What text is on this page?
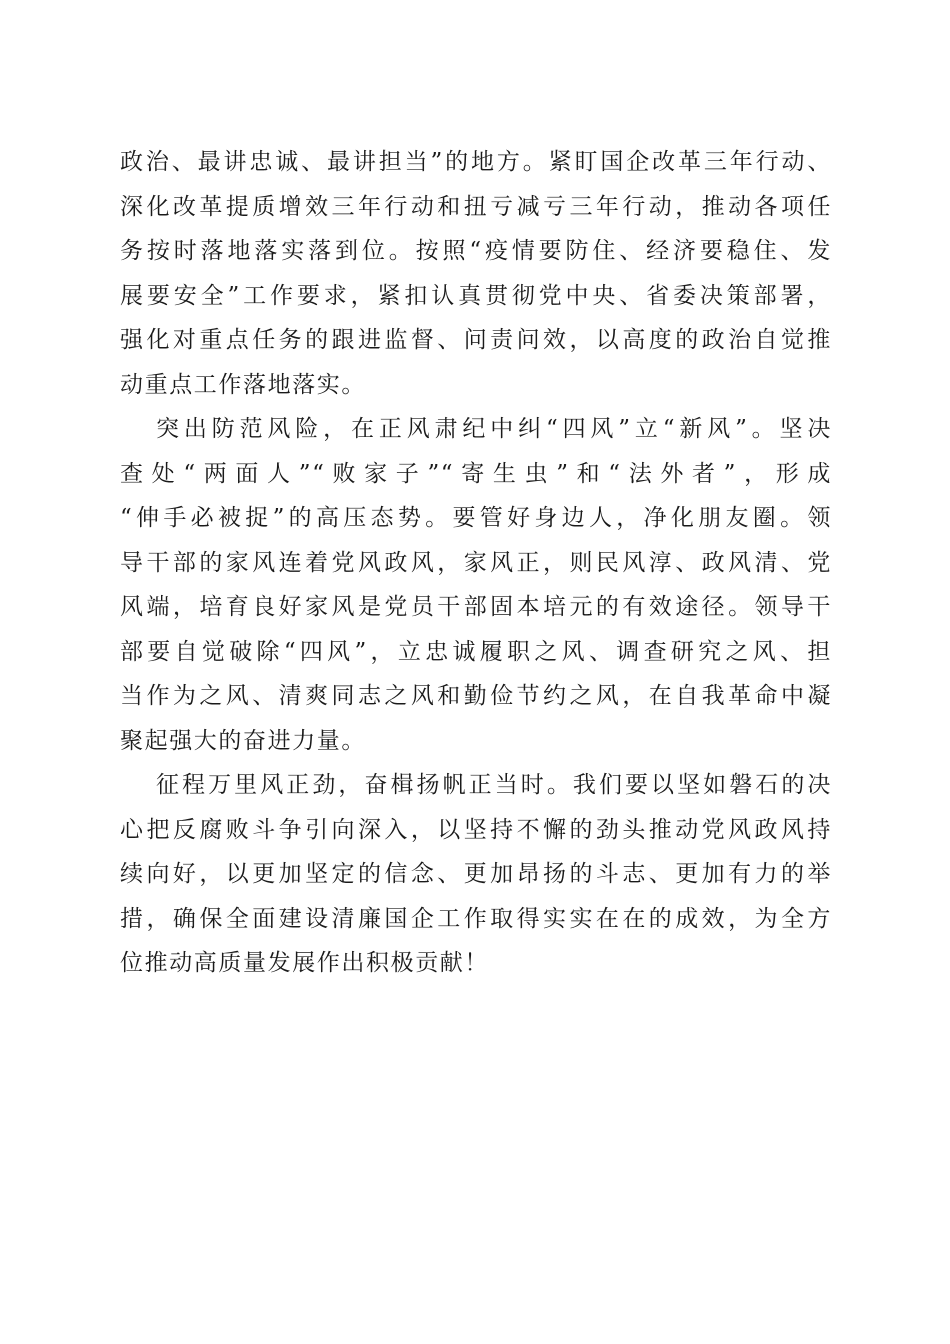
政治、最讲忠诚、最讲担当”的地方。紧盯国企改革三年行动、
深化改革提质增效三年行动和扭亏减亏三年行动，推动各项任
务按时落地落实落到位。按照“疫情要防住、经济要稳住、发
展要安全”工作要求，紧扣认真贯彻党中央、省委决策部署，
强化对重点任务的跟进监督、问责问效，以高度的政治自觉推
动重点工作落地落实。
突出防范风险，在正风肃纪中纠“四风”立“新风”。坚决
查处“两面人”“败家子”“寄生虫”和“法外者”，形成
“伸手必被捉”的高压态势。要管好身边人，净化朋友圈。领
导干部的家风连着党风政风，家风正，则民风淳、政风清、党
风端，培育良好家风是党员干部固本培元的有效途径。领导干
部要自觉破除“四风”，立忠诚履职之风、调查研究之风、担
当作为之风、清爽同志之风和勤俭节约之风，在自我革命中凝
聚起强大的奋进力量。
征程万里风正劲，奋楫扬帆正当时。我们要以坚如磐石的决
心把反腐败斗争引向深入，以坚持不懈的劲头推动党风政风持
续向好，以更加坚定的信念、更加昂扬的斗志、更加有力的举
措，确保全面建设清廉国企工作取得实实在在的成效，为全方
位推动高质量发展作出积极贡献！
